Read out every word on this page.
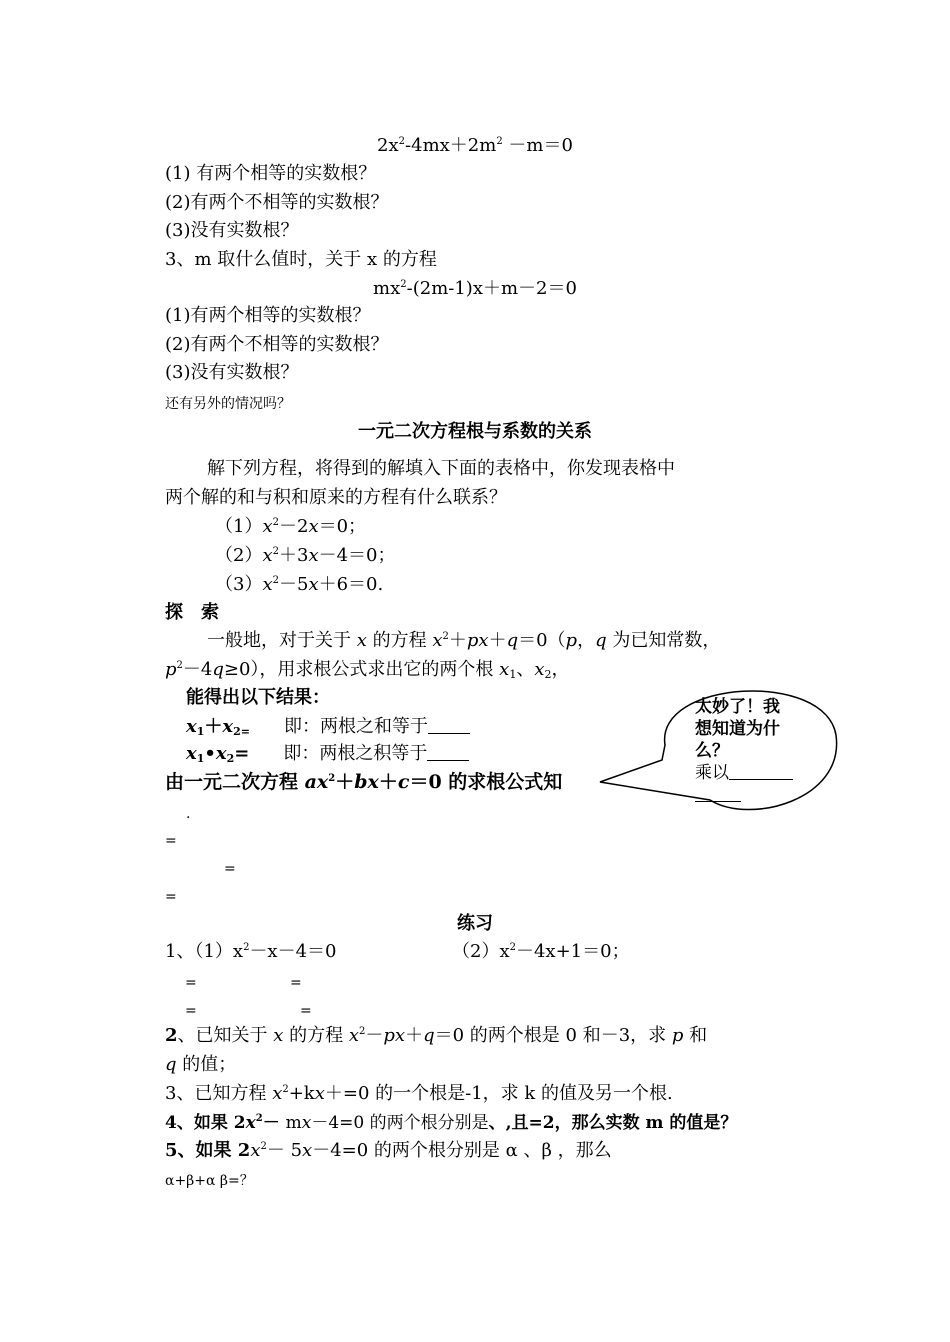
$2x^2-4mx+2m^2 -m=0$
(1) 有两个相等的实数根？
(2)有两个不相等的实数根？
(3)没有实数根？
3、m 取什么值时，关于 x 的方程
$mx^2-(2m-1)x+m-2=0$
(1)有两个相等的实数根？
(2)有两个不相等的实数根？
(3)没有实数根？
还有另外的情况吗？
一元二次方程根与系数的关系
解下列方程，将得到的解填入下面的表格中，你发现表格中
两个解的和与积和原来的方程有什么联系？
$(1)x^2-2x=0$；
$(2)x^2+3x-4=0$；
$(3)x^2-5x+6=0$.
探　索
一般地，对于关于 x 的方程 $x^2+px+q=0(p$，q 为已知常数，
$p^2-4q\ge 0$），用求根公式求出它的两个根 $x_1$、$x_2$，
能得出以下结果：
$x_1+x_{2=}$ 即：两根之和等于
$x_1•x_2=$ 即：两根之积等于
由一元二次方程 $ax^2+bx+c=0$ 的求根公式知
.
=
=
=
太妙了！我
想知道为什
么？
乘以
练习
1、$(1)x^2-x-4=0$	$(2)x^2-4x+1=0$；
=	=
=	=
2、已知关于 x 的方程 $x^2-px+q=0$ 的两个根是 0 和－3，求 p 和
q 的值；
3、已知方程 $x^2+kx+=0$ 的一个根是-1，求 k 的值及另一个根.
4、如果 $2x^2- mx-4=0$ 的两个根分别是、,且=2，那么实数 m 的值是？
5、如果 $2x^2- 5x-4=0$ 的两个根分别是 α 、β ，那么
α+β+α β=？
